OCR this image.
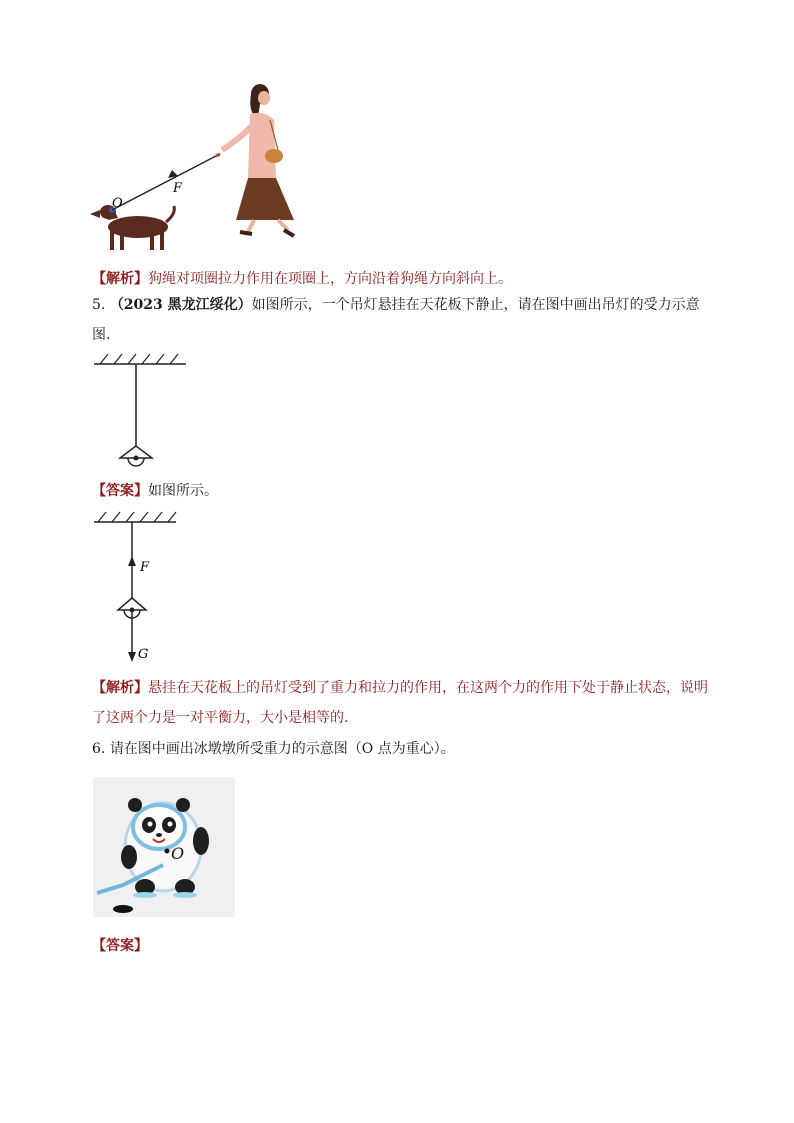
O
F
【解析】狗绳对项圈拉力作用在项圈上，方向沿着狗绳方向斜向上。
5. （2023 黑龙江绥化）如图所示，一个吊灯悬挂在天花板下静止，请在图中画出吊灯的受力示意
图.
【答案】如图所示。
F
G
【解析】悬挂在天花板上的吊灯受到了重力和拉力的作用，在这两个力的作用下处于静止状态，说明
了这两个力是一对平衡力，大小是相等的.
6. 请在图中画出冰墩墩所受重力的示意图（O 点为重心）。
O
【答案】
